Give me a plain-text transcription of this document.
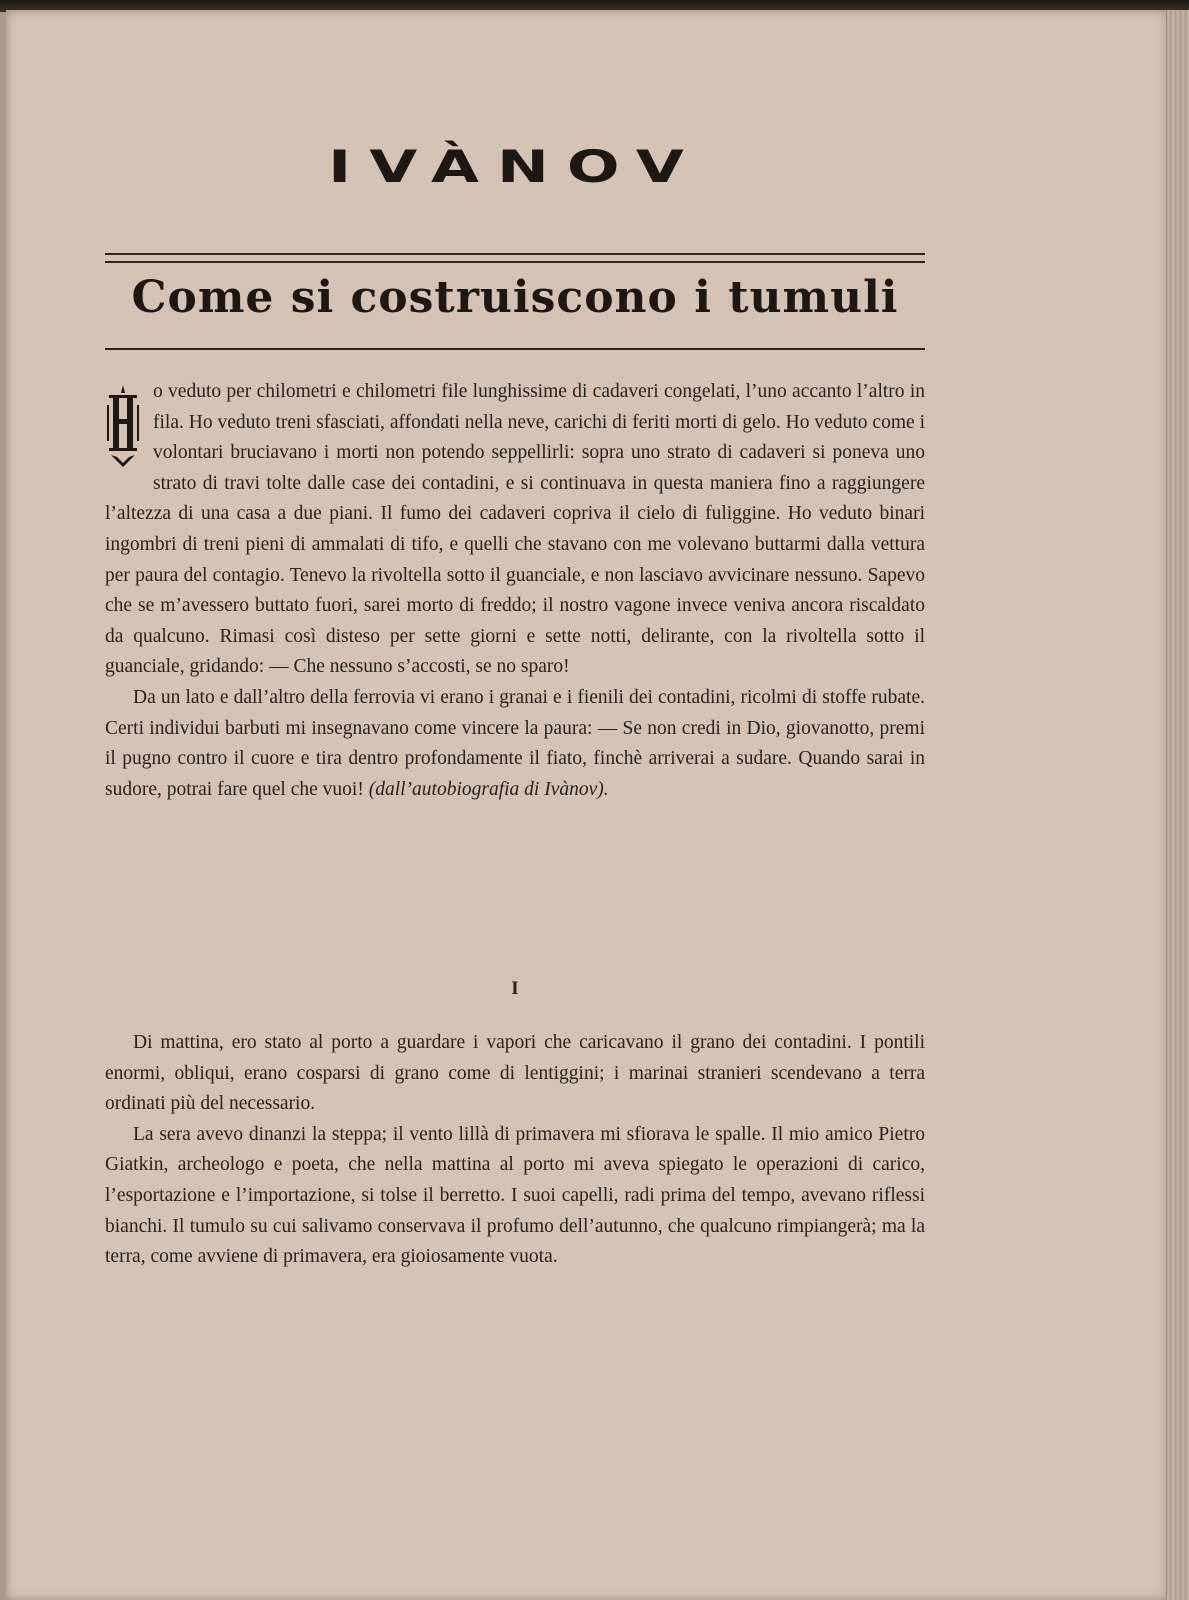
IVÀNOV
Come si costruiscono i tumuli

o veduto per chilometri e chilometri file lunghissime di cadaveri congelati, l’uno accanto l’altro in fila. Ho veduto treni sfasciati, affondati nella neve, carichi di feriti morti di gelo. Ho veduto come i volontari bruciavano i morti non potendo seppellirli: sopra uno strato di cadaveri si poneva uno strato di travi tolte dalle case dei contadini, e si continuava in questa maniera fino a raggiungere l’altezza di una casa a due piani. Il fumo dei cadaveri copriva il cielo di fuliggine. Ho veduto binari ingombri di treni pieni di ammalati di tifo, e quelli che stavano con me volevano buttarmi dalla vettura per paura del contagio. Tenevo la rivoltella sotto il guanciale, e non lasciavo avvicinare nessuno. Sapevo che se m’avessero buttato fuori, sarei morto di freddo; il nostro vagone invece veniva ancora riscaldato da qualcuno. Rimasi così disteso per sette giorni e sette notti, delirante, con la rivoltella sotto il guanciale, gridando: — Che nessuno s’accosti, se no sparo!

Da un lato e dall’altro della ferrovia vi erano i granai e i fienili dei contadini, ricolmi di stoffe rubate. Certi individui barbuti mi insegnavano come vincere la paura: — Se non credi in Dio, giovanotto, premi il pugno contro il cuore e tira dentro profondamente il fiato, finchè arriverai a sudare. Quando sarai in sudore, potrai fare quel che vuoi! (dall’autobiografia di Ivànov).

I

Di mattina, ero stato al porto a guardare i vapori che caricavano il grano dei contadini. I pontili enormi, obliqui, erano cosparsi di grano come di lentiggini; i marinai stranieri scendevano a terra ordinati più del necessario.

La sera avevo dinanzi la steppa; il vento lillà di primavera mi sfiorava le spalle. Il mio amico Pietro Giatkin, archeologo e poeta, che nella mattina al porto mi aveva spiegato le operazioni di carico, l’esportazione e l’importazione, si tolse il berretto. I suoi capelli, radi prima del tempo, avevano riflessi bianchi. Il tumulo su cui salivamo conservava il profumo dell’autunno, che qualcuno rimpiangerà; ma la terra, come avviene di primavera, era gioiosamente vuota.
